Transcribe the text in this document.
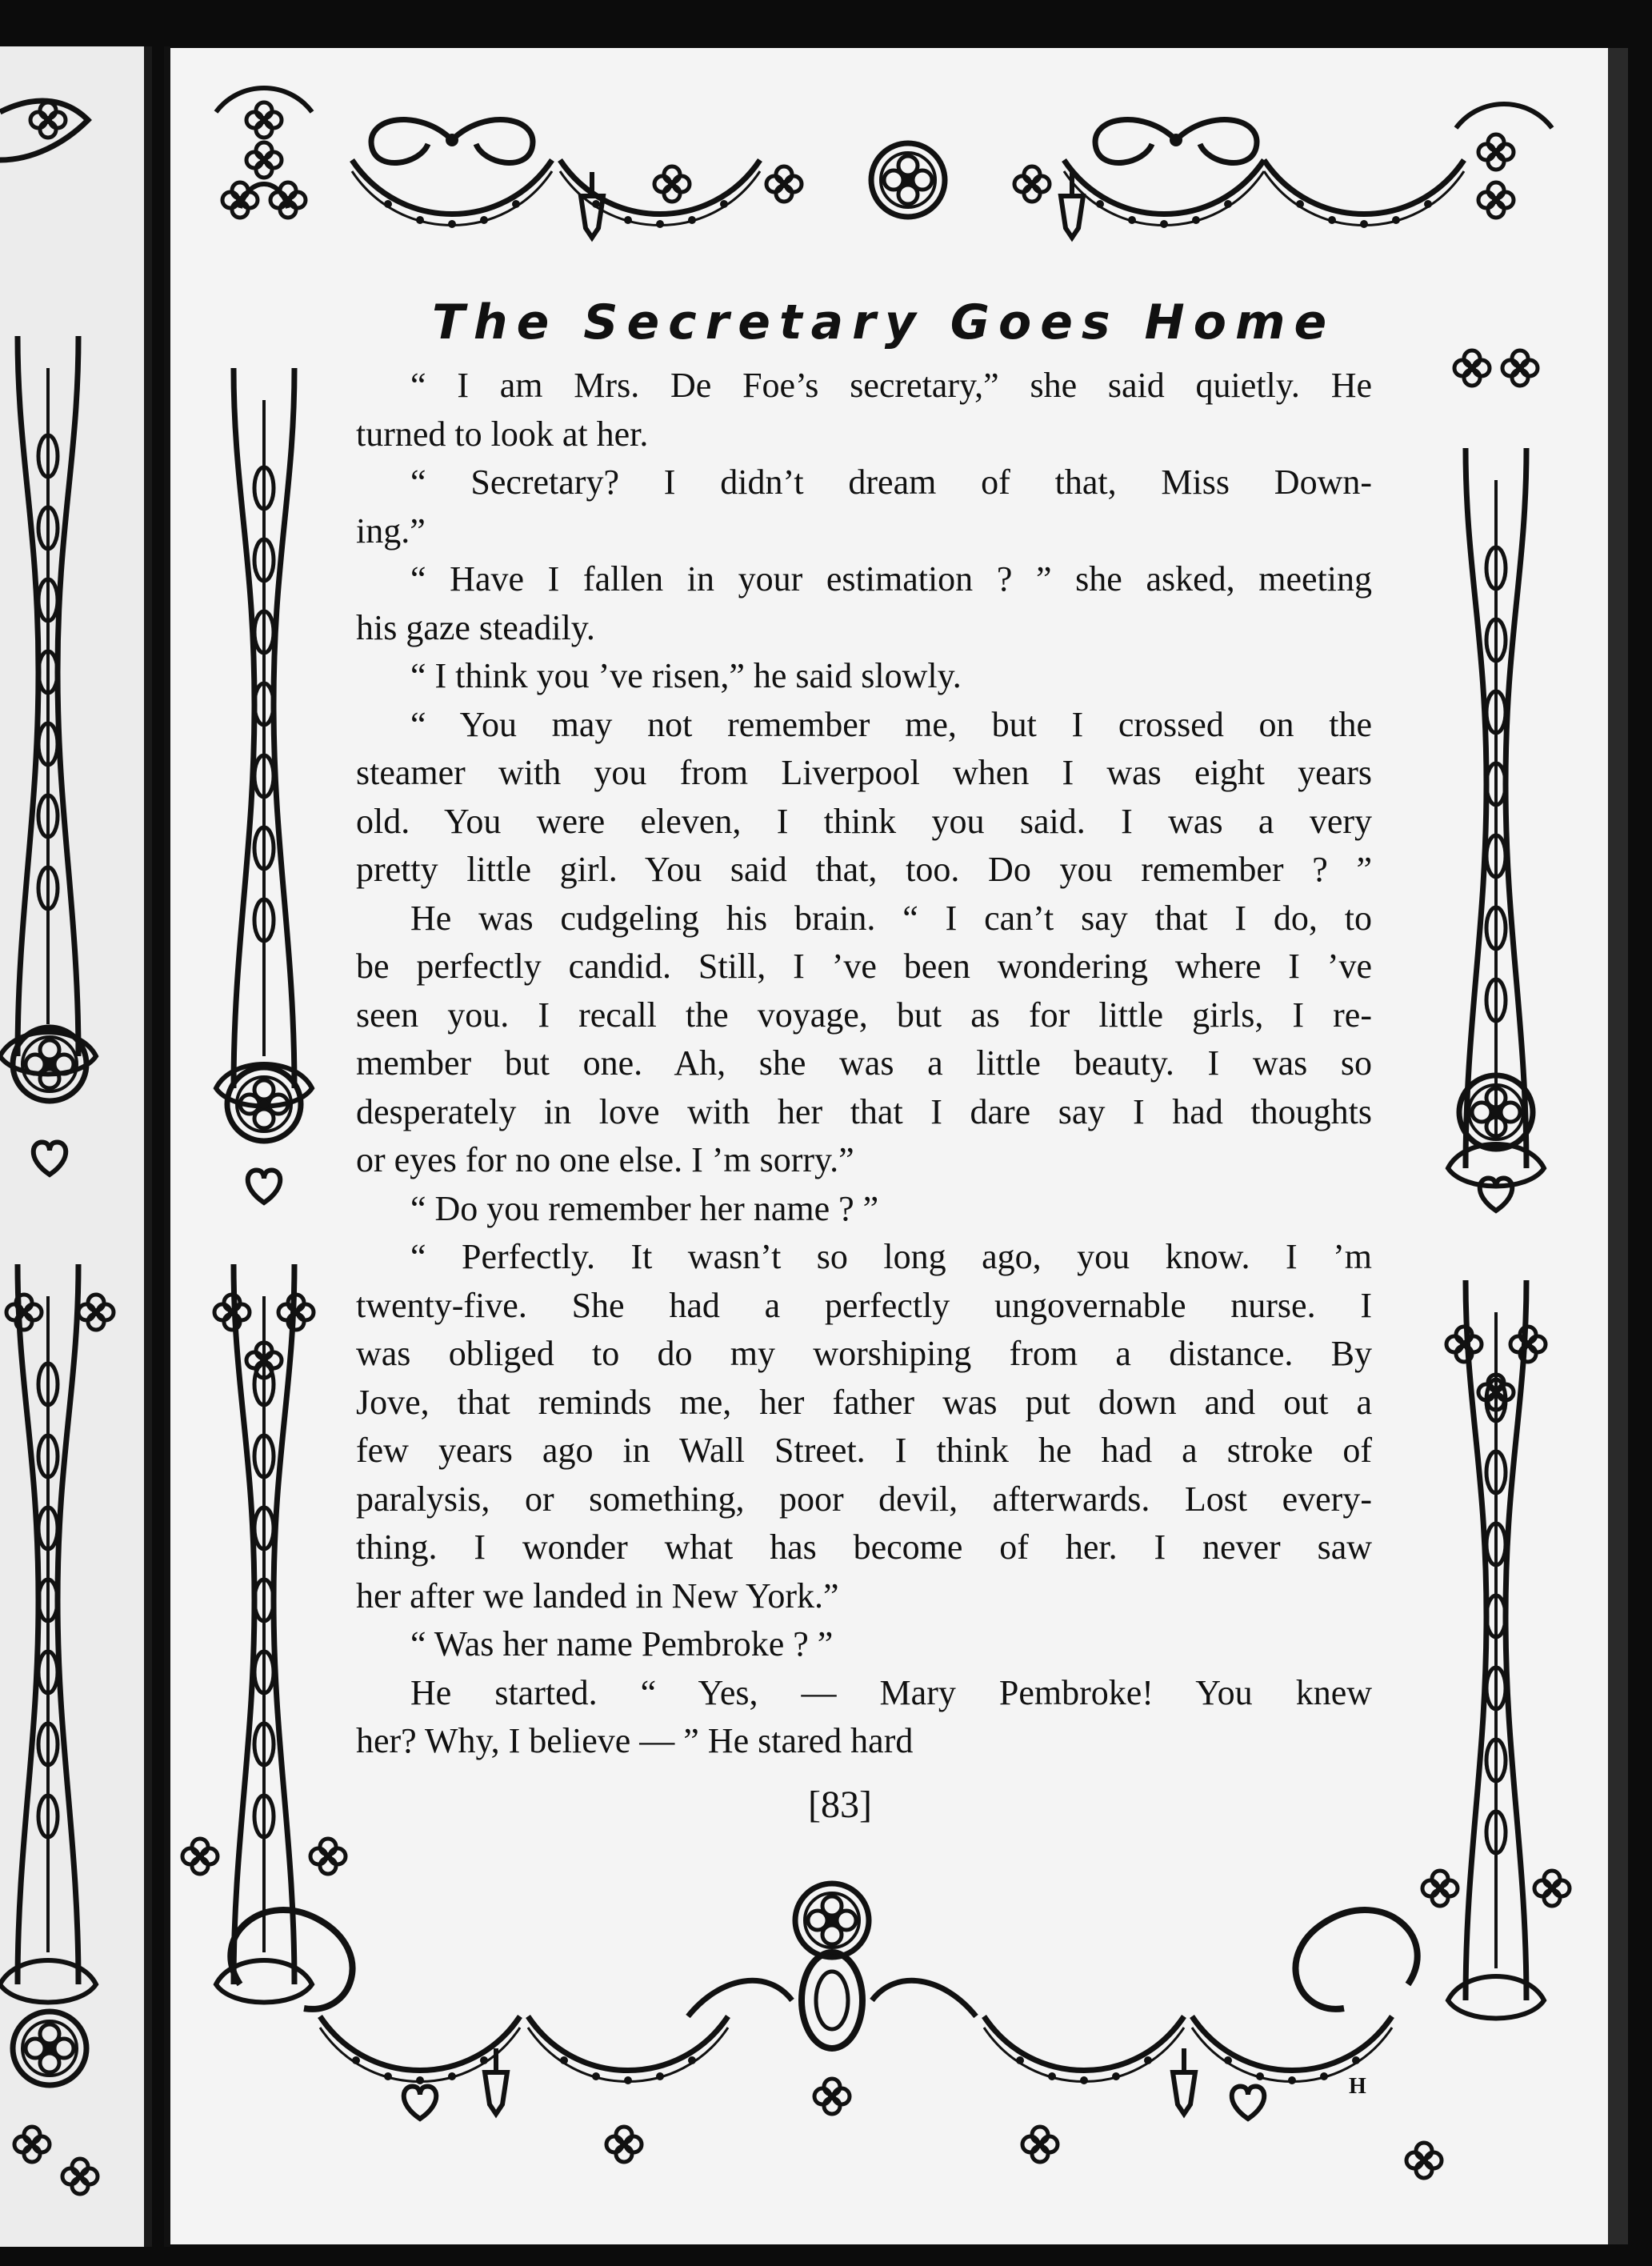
The Secretary Goes Home
“ I am Mrs. De Foe’s secretary,” she said quietly. He
turned to look at her.
“ Secretary? I didn’t dream of that, Miss Down-
ing.”
“ Have I fallen in your estimation ? ” she asked, meeting
his gaze steadily.
“ I think you ’ve risen,” he said slowly.
“ You may not remember me, but I crossed on the
steamer with you from Liverpool when I was eight years
old. You were eleven, I think you said. I was a very
pretty little girl. You said that, too. Do you remember ? ”
He was cudgeling his brain. “ I can’t say that I do, to
be perfectly candid. Still, I ’ve been wondering where I ’ve
seen you. I recall the voyage, but as for little girls, I re-
member but one. Ah, she was a little beauty. I was so
desperately in love with her that I dare say I had thoughts
or eyes for no one else. I ’m sorry.”
“ Do you remember her name ? ”
“ Perfectly. It wasn’t so long ago, you know. I ’m
twenty-five. She had a perfectly ungovernable nurse. I
was obliged to do my worshiping from a distance. By
Jove, that reminds me, her father was put down and out a
few years ago in Wall Street. I think he had a stroke of
paralysis, or something, poor devil, afterwards. Lost every-
thing. I wonder what has become of her. I never saw
her after we landed in New York.”
“ Was her name Pembroke ? ”
He started. “ Yes, — Mary Pembroke! You knew
her? Why, I believe — ” He stared hard
[83]
H
